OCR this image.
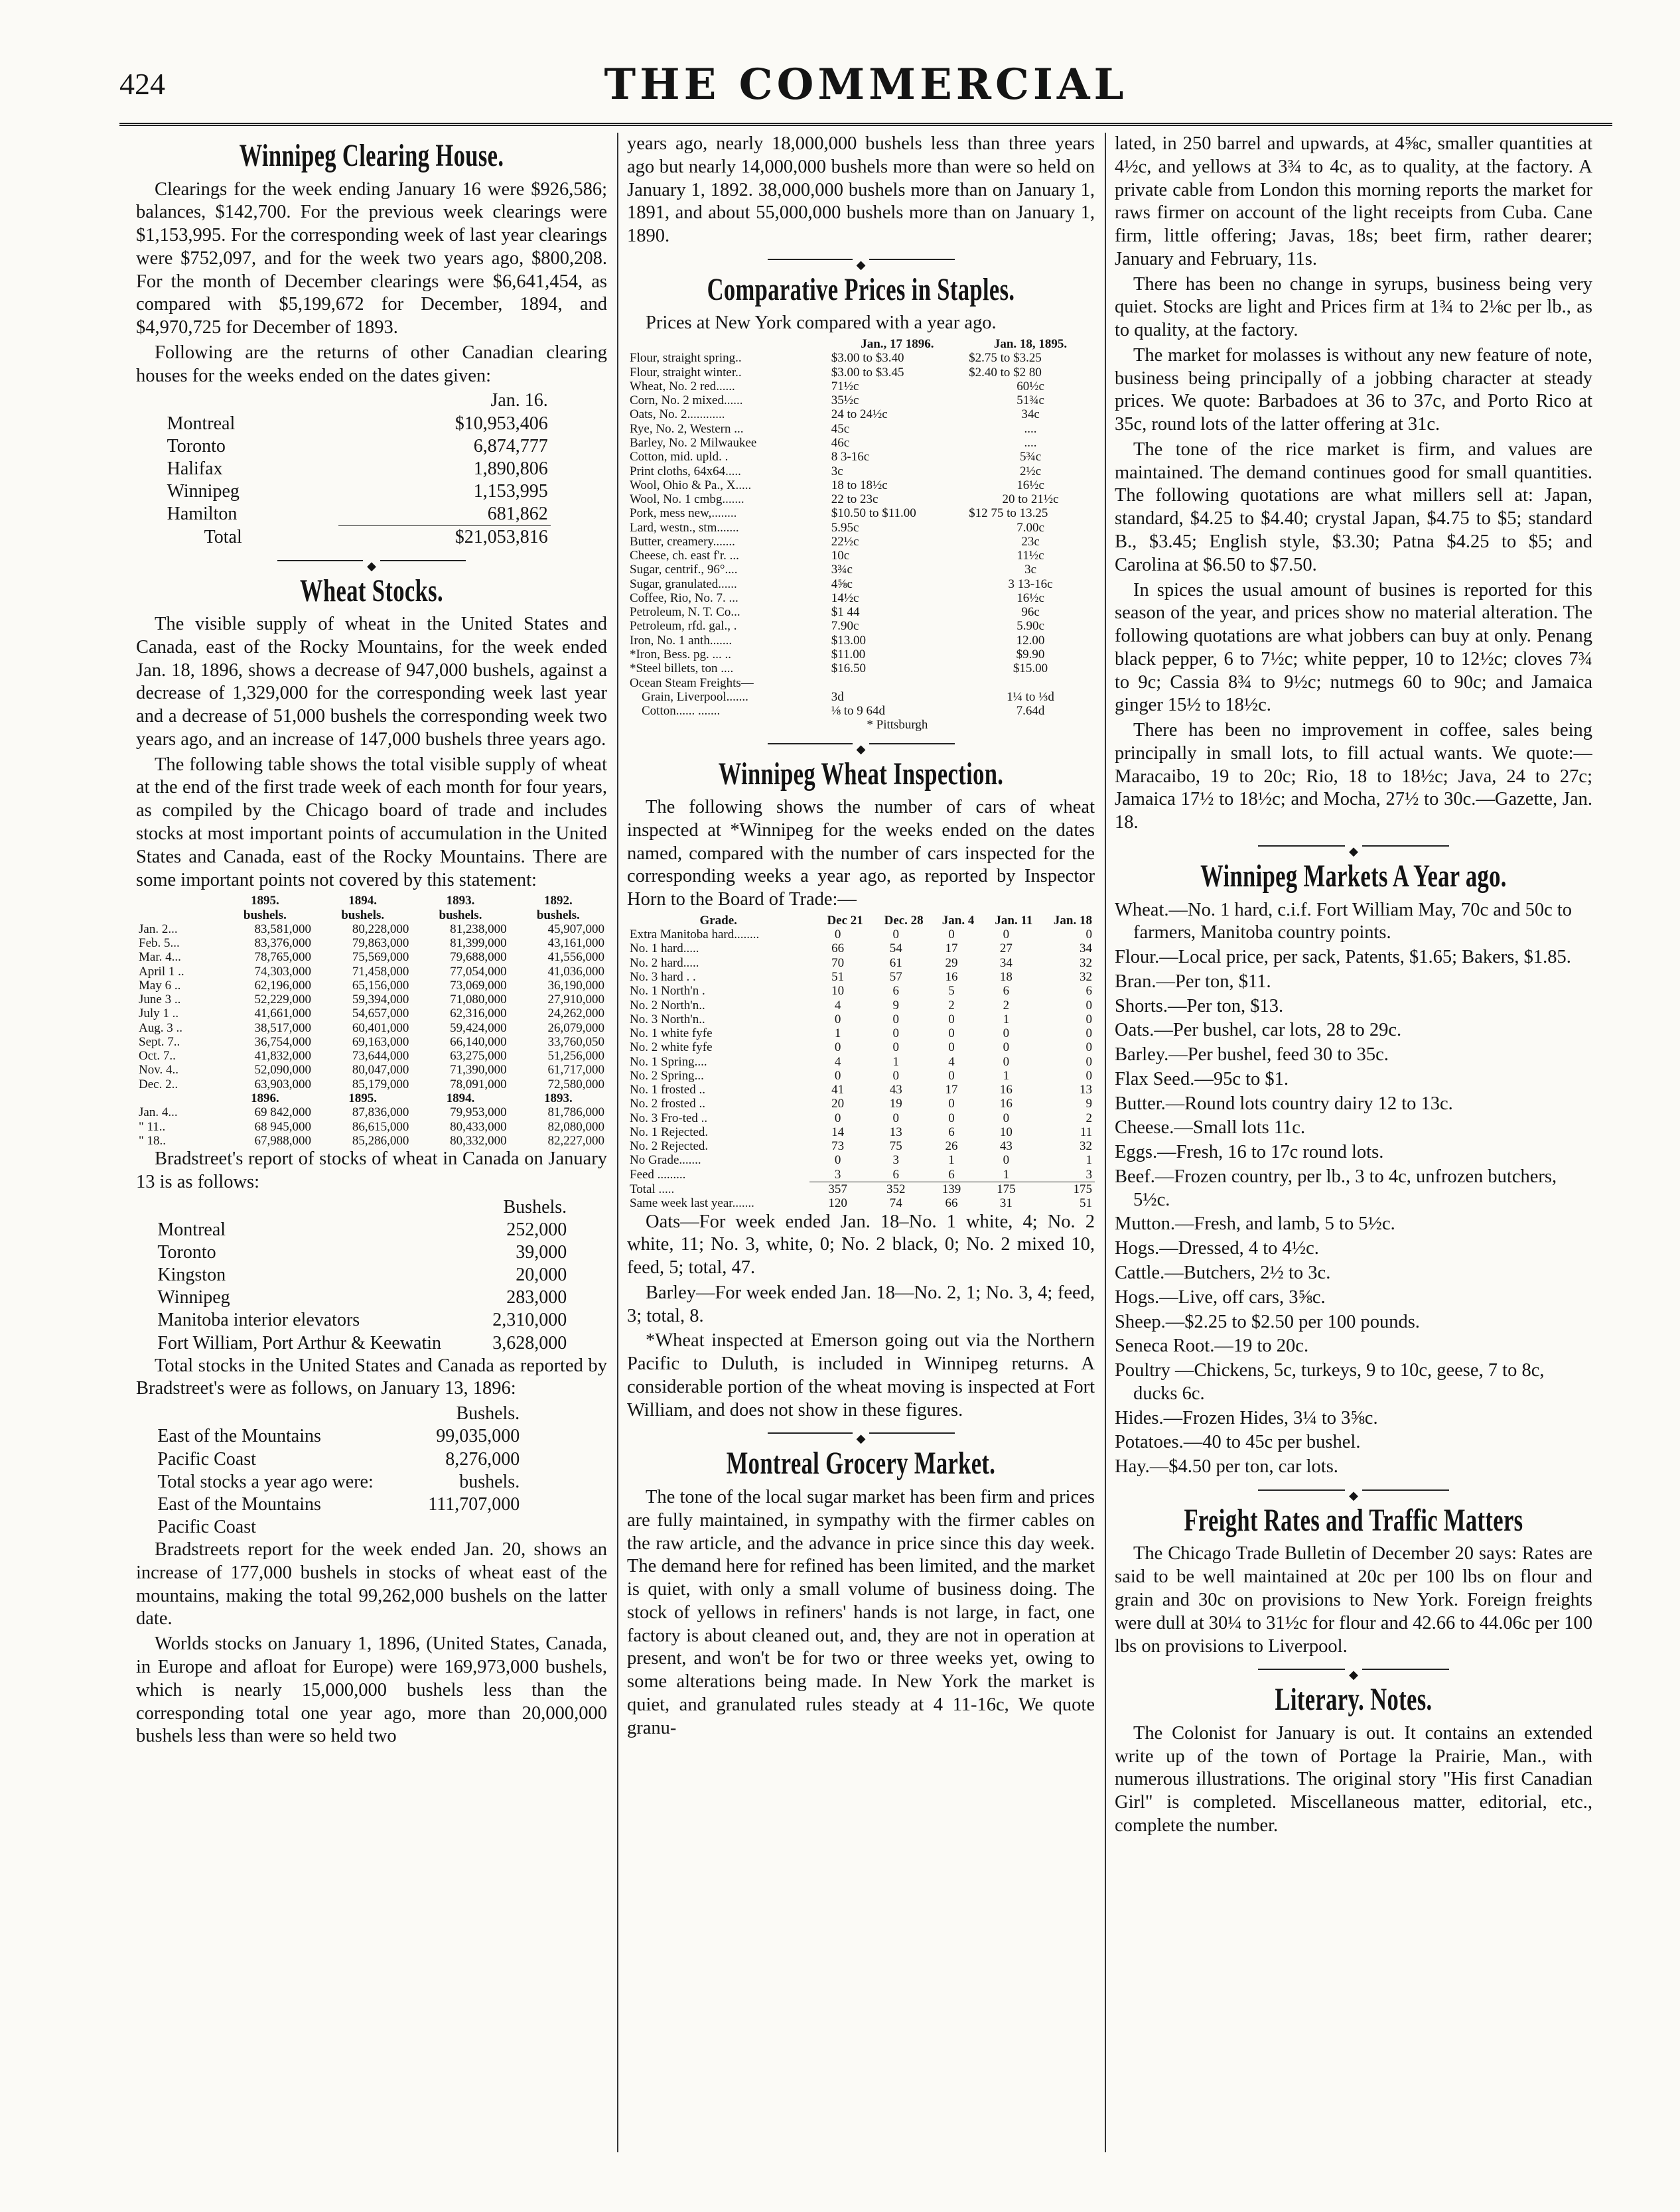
424	THE COMMERCIAL
Winnipeg Clearing House.

Clearings for the week ending January 16 were $926,586; balances, $142,700. For the previous week clearings were $1,153,995. For the corresponding week of last year clearings were $752,097, and for the week two years ago, $800,208. For the month of December clearings were $6,641,454, as compared with $5,199,672 for December, 1894, and $4,970,725 for December of 1893.

Following are the returns of other Canadian clearing houses for the weeks ended on the dates given:

	Jan. 16.
Montreal	$10,953,406
Toronto	6,874,777
Halifax	1,890,806
Winnipeg	1,153,995
Hamilton	681,862
Total	$21,053,816
◆
Wheat Stocks.

The visible supply of wheat in the United States and Canada, east of the Rocky Mountains, for the week ended Jan. 18, 1896, shows a decrease of 947,000 bushels, against a decrease of 1,329,000 for the corresponding week last year and a decrease of 51,000 bushels the corresponding week two years ago, and an increase of 147,000 bushels three years ago.

The following table shows the total visible supply of wheat at the end of the first trade week of each month for four years, as compiled by the Chicago board of trade and includes stocks at most important points of accumulation in the United States and Canada, east of the Rocky Mountains. There are some important points not covered by this statement:

	1895.	1894.	1893.	1892.
	bushels.	bushels.	bushels.	bushels.
Jan. 2...	83,581,000	80,228,000	81,238,000	45,907,000
Feb. 5...	83,376,000	79,863,000	81,399,000	43,161,000
Mar. 4...	78,765,000	75,569,000	79,688,000	41,556,000
April 1 ..	74,303,000	71,458,000	77,054,000	41,036,000
May 6 ..	62,196,000	65,156,000	73,069,000	36,190,000
June 3 ..	52,229,000	59,394,000	71,080,000	27,910,000
July 1 ..	41,661,000	54,657,000	62,316,000	24,262,000
Aug. 3 ..	38,517,000	60,401,000	59,424,000	26,079,000
Sept. 7..	36,754,000	69,163,000	66,140,000	33,760,050
Oct. 7..	41,832,000	73,644,000	63,275,000	51,256,000
Nov. 4..	52,090,000	80,047,000	71,390,000	61,717,000
Dec. 2..	63,903,000	85,179,000	78,091,000	72,580,000
	1896.	1895.	1894.	1893.
Jan. 4...	69 842,000	87,836,000	79,953,000	81,786,000
" 11..	68 945,000	86,615,000	80,433,000	82,080,000
" 18..	67,988,000	85,286,000	80,332,000	82,227,000

Bradstreet's report of stocks of wheat in Canada on January 13 is as follows:

	Bushels.
Montreal	252,000
Toronto	39,000
Kingston	20,000
Winnipeg	283,000
Manitoba interior elevators	2,310,000
Fort William, Port Arthur & Keewatin	3,628,000

Total stocks in the United States and Canada as reported by Bradstreet's were as follows, on January 13, 1896:

	Bushels.
East of the Mountains	99,035,000
Pacific Coast	8,276,000
Total stocks a year ago were:	bushels.
East of the Mountains	111,707,000
Pacific Coast	

Bradstreets report for the week ended Jan. 20, shows an increase of 177,000 bushels in stocks of wheat east of the mountains, making the total 99,262,000 bushels on the latter date.

Worlds stocks on January 1, 1896, (United States, Canada, in Europe and afloat for Europe) were 169,973,000 bushels, which is nearly 15,000,000 bushels less than the corresponding total one year ago, more than 20,000,000 bushels less than were so held two

years ago, nearly 18,000,000 bushels less than three years ago but nearly 14,000,000 bushels more than were so held on January 1, 1892. 38,000,000 bushels more than on January 1, 1891, and about 55,000,000 bushels more than on January 1, 1890.

◆
Comparative Prices in Staples.

Prices at New York compared with a year ago.

	Jan., 17 1896.	Jan. 18, 1895.
Flour, straight spring..	$3.00 to $3.40	$2.75 to $3.25
Flour, straight winter..	$3.00 to $3.45	$2.40 to $2 80
Wheat, No. 2 red......	71½c	60½c
Corn, No. 2 mixed......	35½c	51¾c
Oats, No. 2............	24 to 24½c	34c
Rye, No. 2, Western ...	45c	....
Barley, No. 2 Milwaukee	46c	....
Cotton, mid. upld. .	8 3-16c	5¾c
Print cloths, 64x64.....	3c	2½c
Wool, Ohio & Pa., X.....	18 to 18½c	16½c
Wool, No. 1 cmbg.......	22 to 23c	20 to 21½c
Pork, mess new,........	$10.50 to $11.00	$12 75 to 13.25
Lard, westn., stm.......	5.95c	7.00c
Butter, creamery.......	22½c	23c
Cheese, ch. east f'r. ...	10c	11½c
Sugar, centrif., 96°....	3¾c	3c
Sugar, granulated......	4⅝c	3 13-16c
Coffee, Rio, No. 7. ...	14½c	16½c
Petroleum, N. T. Co...	$1 44	96c
Petroleum, rfd. gal., .	7.90c	5.90c
Iron, No. 1 anth.......	$13.00	12.00
*Iron, Bess. pg. ... ..	$11.00	$9.90
*Steel billets, ton ....	$16.50	$15.00
Ocean Steam Freights—		
Grain, Liverpool.......	3d	1¼ to ⅓d
Cotton...... .......	⅛ to 9 64d	7.64d
	* Pittsburgh	
◆
Winnipeg Wheat Inspection.

The following shows the number of cars of wheat inspected at *Winnipeg for the weeks ended on the dates named, compared with the number of cars inspected for the corresponding weeks a year ago, as reported by Inspector Horn to the Board of Trade:—

Grade.	Dec 21	Dec. 28	Jan. 4	Jan. 11	Jan. 18
Extra Manitoba hard........	0	0	0	0	0
No. 1 hard.....	66	54	17	27	34
No. 2 hard.....	70	61	29	34	32
No. 3 hard . .	51	57	16	18	32
No. 1 North'n .	10	6	5	6	6
No. 2 North'n..	4	9	2	2	0
No. 3 North'n..	0	0	0	1	0
No. 1 white fyfe	1	0	0	0	0
No. 2 white fyfe	0	0	0	0	0
No. 1 Spring....	4	1	4	0	0
No. 2 Spring...	0	0	0	1	0
No. 1 frosted ..	41	43	17	16	13
No. 2 frosted ..	20	19	0	16	9
No. 3 Fro-ted ..	0	0	0	0	2
No. 1 Rejected.	14	13	6	10	11
No. 2 Rejected.	73	75	26	43	32
No Grade.......	0	3	1	0	1
Feed .........	3	6	6	1	3
Total .....	357	352	139	175	175
Same week last year.......	120	74	66	31	51

Oats—For week ended Jan. 18–No. 1 white, 4; No. 2 white, 11; No. 3, white, 0; No. 2 black, 0; No. 2 mixed 10, feed, 5; total, 47.

Barley—For week ended Jan. 18—No. 2, 1; No. 3, 4; feed, 3; total, 8.

*Wheat inspected at Emerson going out via the Northern Pacific to Duluth, is included in Winnipeg returns. A considerable portion of the wheat moving is inspected at Fort William, and does not show in these figures.

◆
Montreal Grocery Market.

The tone of the local sugar market has been firm and prices are fully maintained, in sympathy with the firmer cables on the raw article, and the advance in price since this day week. The demand here for refined has been limited, and the market is quiet, with only a small volume of business doing. The stock of yellows in refiners' hands is not large, in fact, one factory is about cleaned out, and, they are not in operation at present, and won't be for two or three weeks yet, owing to some alterations being made. In New York the market is quiet, and granulated rules steady at 4 11-16c, We quote granu-

lated, in 250 barrel and upwards, at 4⅝c, smaller quantities at 4½c, and yellows at 3¾ to 4c, as to quality, at the factory. A private cable from London this morning reports the market for raws firmer on account of the light receipts from Cuba. Cane firm, little offering; Javas, 18s; beet firm, rather dearer; January and February, 11s.

There has been no change in syrups, business being very quiet. Stocks are light and Prices firm at 1¾ to 2⅛c per lb., as to quality, at the factory.

The market for molasses is without any new feature of note, business being principally of a jobbing character at steady prices. We quote: Barbadoes at 36 to 37c, and Porto Rico at 35c, round lots of the latter offering at 31c.

The tone of the rice market is firm, and values are maintained. The demand continues good for small quantities. The following quotations are what millers sell at: Japan, standard, $4.25 to $4.40; crystal Japan, $4.75 to $5; standard B., $3.45; English style, $3.30; Patna $4.25 to $5; and Carolina at $6.50 to $7.50.

In spices the usual amount of busines is reported for this season of the year, and prices show no material alteration. The following quotations are what jobbers can buy at only. Penang black pepper, 6 to 7½c; white pepper, 10 to 12½c; cloves 7¾ to 9c; Cassia 8¾ to 9½c; nutmegs 60 to 90c; and Jamaica ginger 15½ to 18½c.

There has been no improvement in coffee, sales being principally in small lots, to fill actual wants. We quote:—Maracaibo, 19 to 20c; Rio, 18 to 18½c; Java, 24 to 27c; Jamaica 17½ to 18½c; and Mocha, 27½ to 30c.—Gazette, Jan. 18.

◆
Winnipeg Markets A Year ago.

Wheat.—No. 1 hard, c.i.f. Fort William May, 70c and 50c to farmers, Manitoba country points.

Flour.—Local price, per sack, Patents, $1.65; Bakers, $1.85.

Bran.—Per ton, $11.

Shorts.—Per ton, $13.

Oats.—Per bushel, car lots, 28 to 29c.

Barley.—Per bushel, feed 30 to 35c.

Flax Seed.—95c to $1.

Butter.—Round lots country dairy 12 to 13c.

Cheese.—Small lots 11c.

Eggs.—Fresh, 16 to 17c round lots.

Beef.—Frozen country, per lb., 3 to 4c, unfrozen butchers, 5½c.

Mutton.—Fresh, and lamb, 5 to 5½c.

Hogs.—Dressed, 4 to 4½c.

Cattle.—Butchers, 2½ to 3c.

Hogs.—Live, off cars, 3⅝c.

Sheep.—$2.25 to $2.50 per 100 pounds.

Seneca Root.—19 to 20c.

Poultry —Chickens, 5c, turkeys, 9 to 10c, geese, 7 to 8c, ducks 6c.

Hides.—Frozen Hides, 3¼ to 3⅝c.

Potatoes.—40 to 45c per bushel.

Hay.—$4.50 per ton, car lots.

◆
Freight Rates and Traffic Matters

The Chicago Trade Bulletin of December 20 says: Rates are said to be well maintained at 20c per 100 lbs on flour and grain and 30c on provisions to New York. Foreign freights were dull at 30¼ to 31½c for flour and 42.66 to 44.06c per 100 lbs on provisions to Liverpool.

◆
Literary. Notes.

The Colonist for January is out. It contains an extended write up of the town of Portage la Prairie, Man., with numerous illustrations. The original story "His first Canadian Girl" is completed. Miscellaneous matter, editorial, etc., complete the number.
